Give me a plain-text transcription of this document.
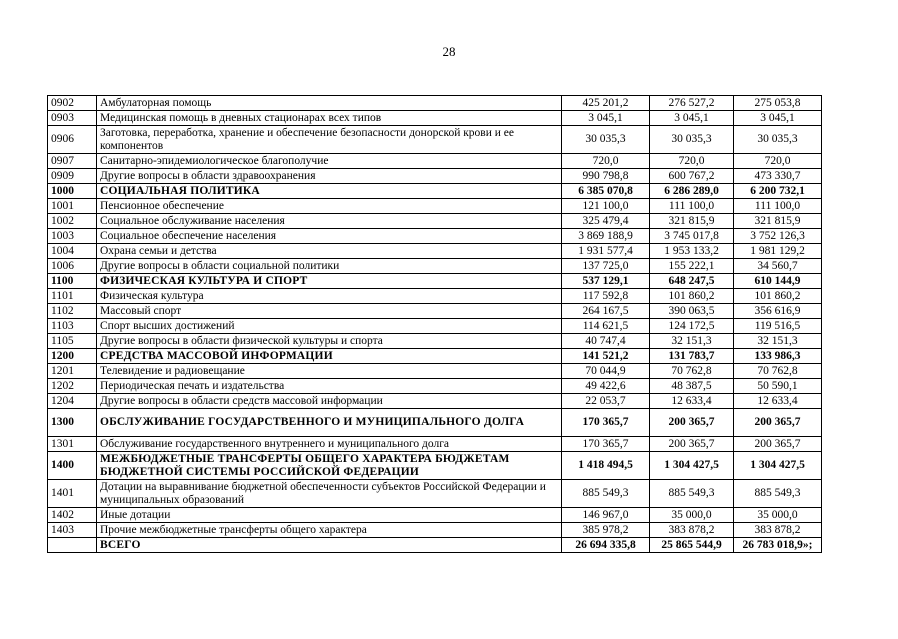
28
0902	Амбулаторная помощь	425 201,2	276 527,2	275 053,8
0903	Медицинская помощь в дневных стационарах всех типов	3 045,1	3 045,1	3 045,1
0906	Заготовка, переработка, хранение и обеспечение безопасности донорской крови и ее компонентов	30 035,3	30 035,3	30 035,3
0907	Санитарно-эпидемиологическое благополучие	720,0	720,0	720,0
0909	Другие вопросы в области здравоохранения	990 798,8	600 767,2	473 330,7
1000	СОЦИАЛЬНАЯ ПОЛИТИКА	6 385 070,8	6 286 289,0	6 200 732,1
1001	Пенсионное обеспечение	121 100,0	111 100,0	111 100,0
1002	Социальное обслуживание населения	325 479,4	321 815,9	321 815,9
1003	Социальное обеспечение населения	3 869 188,9	3 745 017,8	3 752 126,3
1004	Охрана семьи и детства	1 931 577,4	1 953 133,2	1 981 129,2
1006	Другие вопросы в области социальной политики	137 725,0	155 222,1	34 560,7
1100	ФИЗИЧЕСКАЯ КУЛЬТУРА И СПОРТ	537 129,1	648 247,5	610 144,9
1101	Физическая культура	117 592,8	101 860,2	101 860,2
1102	Массовый спорт	264 167,5	390 063,5	356 616,9
1103	Спорт высших достижений	114 621,5	124 172,5	119 516,5
1105	Другие вопросы в области физической культуры и спорта	40 747,4	32 151,3	32 151,3
1200	СРЕДСТВА МАССОВОЙ ИНФОРМАЦИИ	141 521,2	131 783,7	133 986,3
1201	Телевидение и радиовещание	70 044,9	70 762,8	70 762,8
1202	Периодическая печать и издательства	49 422,6	48 387,5	50 590,1
1204	Другие вопросы в области средств массовой информации	22 053,7	12 633,4	12 633,4
1300	ОБСЛУЖИВАНИЕ ГОСУДАРСТВЕННОГО И МУНИЦИПАЛЬНОГО ДОЛГА	170 365,7	200 365,7	200 365,7
1301	Обслуживание государственного внутреннего и муниципального долга	170 365,7	200 365,7	200 365,7
1400	МЕЖБЮДЖЕТНЫЕ ТРАНСФЕРТЫ ОБЩЕГО ХАРАКТЕРА БЮДЖЕТАМ БЮДЖЕТНОЙ СИСТЕМЫ РОССИЙСКОЙ ФЕДЕРАЦИИ	1 418 494,5	1 304 427,5	1 304 427,5
1401	Дотации на выравнивание бюджетной обеспеченности субъектов Российской Федерации и муниципальных образований	885 549,3	885 549,3	885 549,3
1402	Иные дотации	146 967,0	35 000,0	35 000,0
1403	Прочие межбюджетные трансферты общего характера	385 978,2	383 878,2	383 878,2
	ВСЕГО	26 694 335,8	25 865 544,9	26 783 018,9»;
